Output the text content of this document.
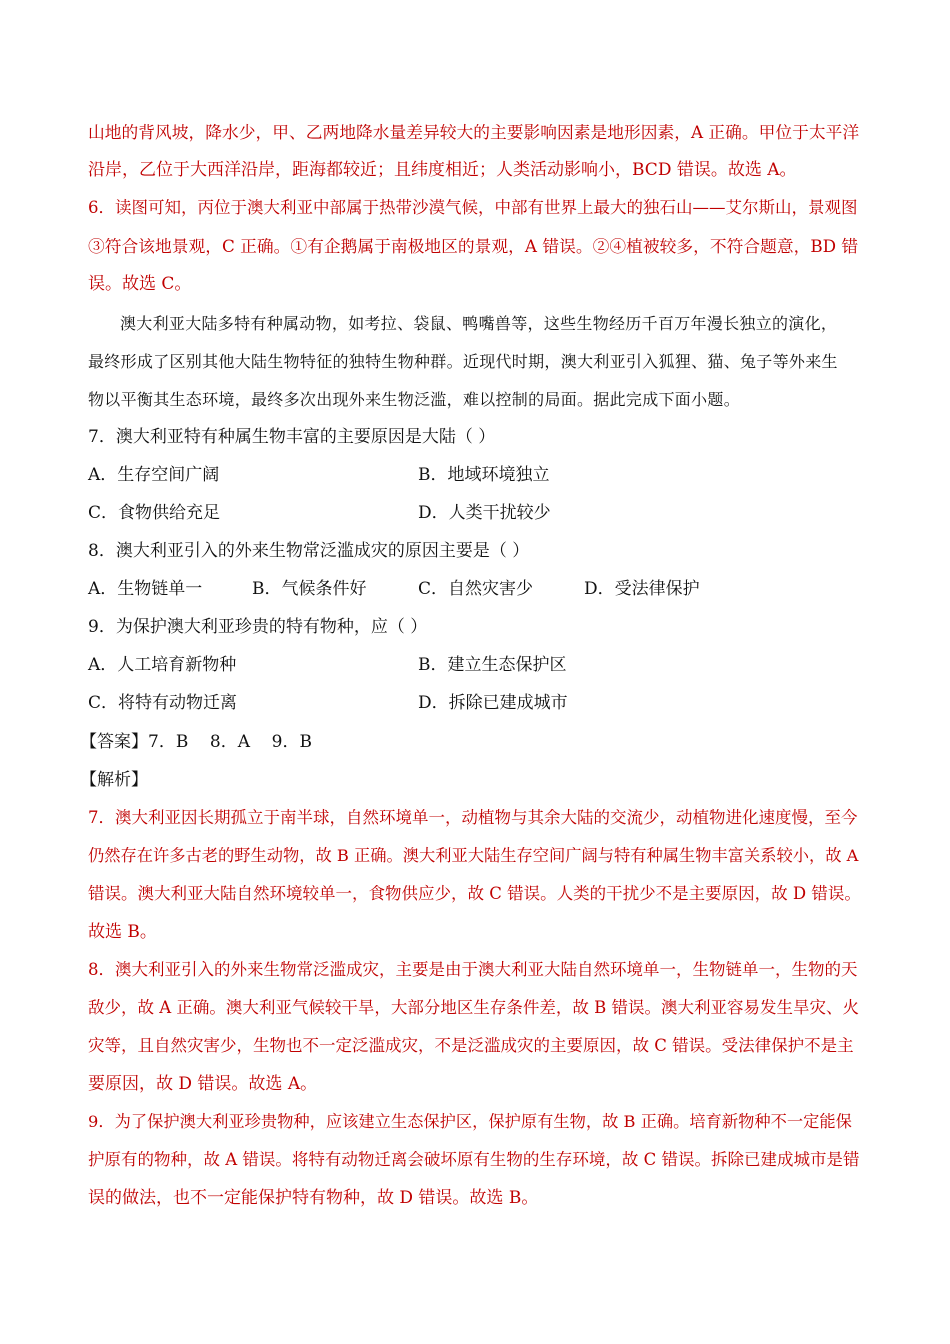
山地的背风坡，降水少，甲、乙两地降水量差异较大的主要影响因素是地形因素，A 正确。甲位于太平洋
沿岸，乙位于大西洋沿岸，距海都较近；且纬度相近；人类活动影响小，BCD 错误。故选 A。
6．读图可知，丙位于澳大利亚中部属于热带沙漠气候，中部有世界上最大的独石山——艾尔斯山，景观图
③符合该地景观，C 正确。①有企鹅属于南极地区的景观，A 错误。②④植被较多，不符合题意，BD 错
误。故选 C。
澳大利亚大陆多特有种属动物，如考拉、袋鼠、鸭嘴兽等，这些生物经历千百万年漫长独立的演化，
最终形成了区别其他大陆生物特征的独特生物种群。近现代时期，澳大利亚引入狐狸、猫、兔子等外来生
物以平衡其生态环境，最终多次出现外来生物泛滥，难以控制的局面。据此完成下面小题。
7．澳大利亚特有种属生物丰富的主要原因是大陆（ ）
A．生存空间广阔	B．地域环境独立
C．食物供给充足	D．人类干扰较少
8．澳大利亚引入的外来生物常泛滥成灾的原因主要是（ ）
A．生物链单一	B．气候条件好	C．自然灾害少	D．受法律保护
9．为保护澳大利亚珍贵的特有物种，应（ ）
A．人工培育新物种	B．建立生态保护区
C．将特有动物迁离	D．拆除已建成城市
【答案】7．B    8．A    9．B
【解析】
7．澳大利亚因长期孤立于南半球，自然环境单一，动植物与其余大陆的交流少，动植物进化速度慢，至今
仍然存在许多古老的野生动物，故 B 正确。澳大利亚大陆生存空间广阔与特有种属生物丰富关系较小，故 A
错误。澳大利亚大陆自然环境较单一，食物供应少，故 C 错误。人类的干扰少不是主要原因，故 D 错误。
故选 B。
8．澳大利亚引入的外来生物常泛滥成灾，主要是由于澳大利亚大陆自然环境单一，生物链单一，生物的天
敌少，故 A 正确。澳大利亚气候较干旱，大部分地区生存条件差，故 B 错误。澳大利亚容易发生旱灾、火
灾等，且自然灾害少，生物也不一定泛滥成灾，不是泛滥成灾的主要原因，故 C 错误。受法律保护不是主
要原因，故 D 错误。故选 A。
9．为了保护澳大利亚珍贵物种，应该建立生态保护区，保护原有生物，故 B 正确。培育新物种不一定能保
护原有的物种，故 A 错误。将特有动物迁离会破坏原有生物的生存环境，故 C 错误。拆除已建成城市是错
误的做法，也不一定能保护特有物种，故 D 错误。故选 B。
